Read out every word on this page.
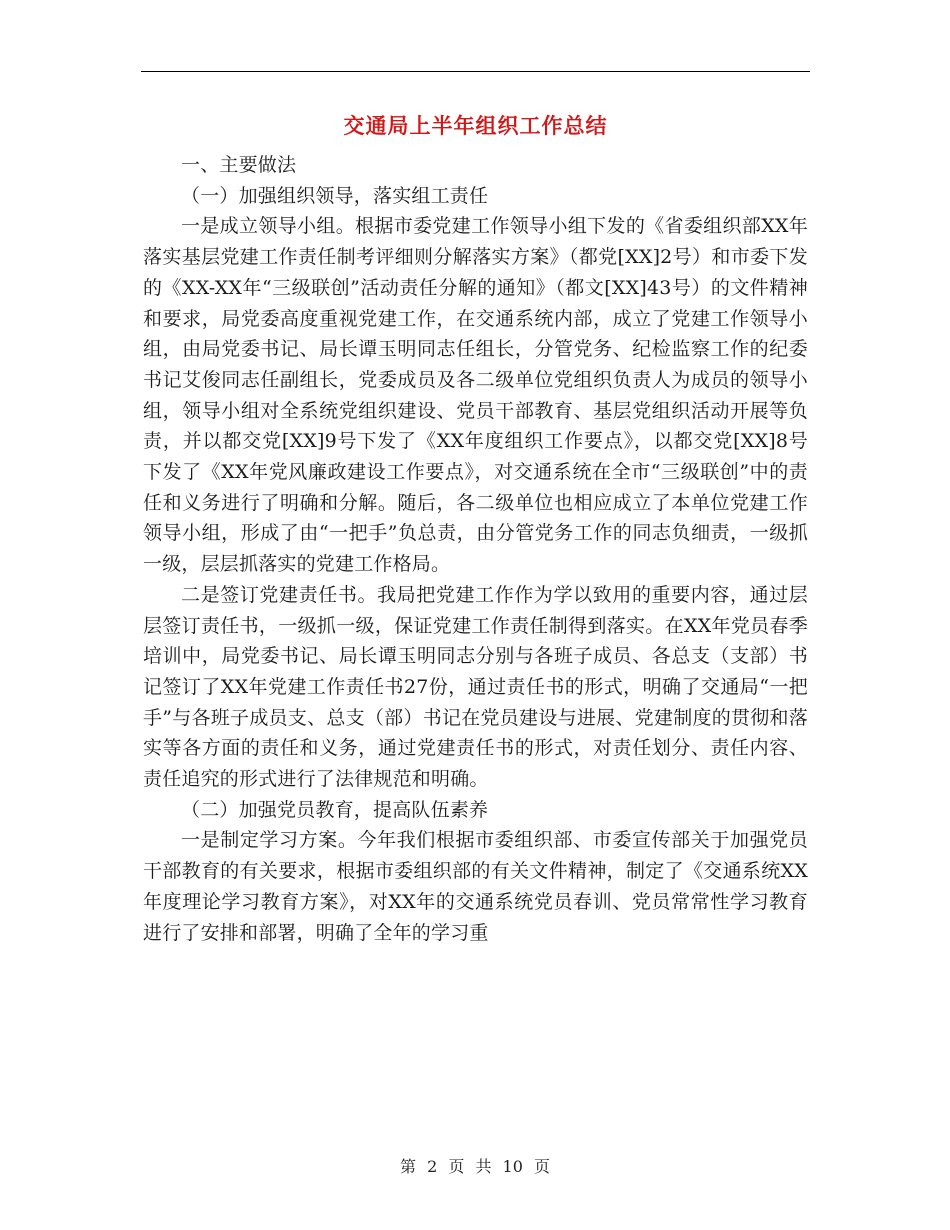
交通局上半年组织工作总结

一、主要做法

（一）加强组织领导，落实组工责任

一是成立领导小组。根据市委党建工作领导小组下发的《省委组织部XX年落实基层党建工作责任制考评细则分解落实方案》（都党[XX]2号）和市委下发的《XX-XX年“三级联创”活动责任分解的通知》（都文[XX]43号）的文件精神和要求，局党委高度重视党建工作，在交通系统内部，成立了党建工作领导小组，由局党委书记、局长谭玉明同志任组长，分管党务、纪检监察工作的纪委书记艾俊同志任副组长，党委成员及各二级单位党组织负责人为成员的领导小组，领导小组对全系统党组织建设、党员干部教育、基层党组织活动开展等负责，并以都交党[XX]9号下发了《XX年度组织工作要点》，以都交党[XX]8号下发了《XX年党风廉政建设工作要点》，对交通系统在全市“三级联创”中的责任和义务进行了明确和分解。随后，各二级单位也相应成立了本单位党建工作领导小组，形成了由“一把手”负总责，由分管党务工作的同志负细责，一级抓一级，层层抓落实的党建工作格局。

二是签订党建责任书。我局把党建工作作为学以致用的重要内容，通过层层签订责任书，一级抓一级，保证党建工作责任制得到落实。在XX年党员春季培训中，局党委书记、局长谭玉明同志分别与各班子成员、各总支（支部）书记签订了XX年党建工作责任书27份，通过责任书的形式，明确了交通局“一把手”与各班子成员支、总支（部）书记在党员建设与进展、党建制度的贯彻和落实等各方面的责任和义务，通过党建责任书的形式，对责任划分、责任内容、责任追究的形式进行了法律规范和明确。

（二）加强党员教育，提高队伍素养

一是制定学习方案。今年我们根据市委组织部、市委宣传部关于加强党员干部教育的有关要求，根据市委组织部的有关文件精神，制定了《交通系统XX年度理论学习教育方案》，对XX年的交通系统党员春训、党员常常性学习教育进行了安排和部署，明确了全年的学习重

第 2 页 共 10 页
